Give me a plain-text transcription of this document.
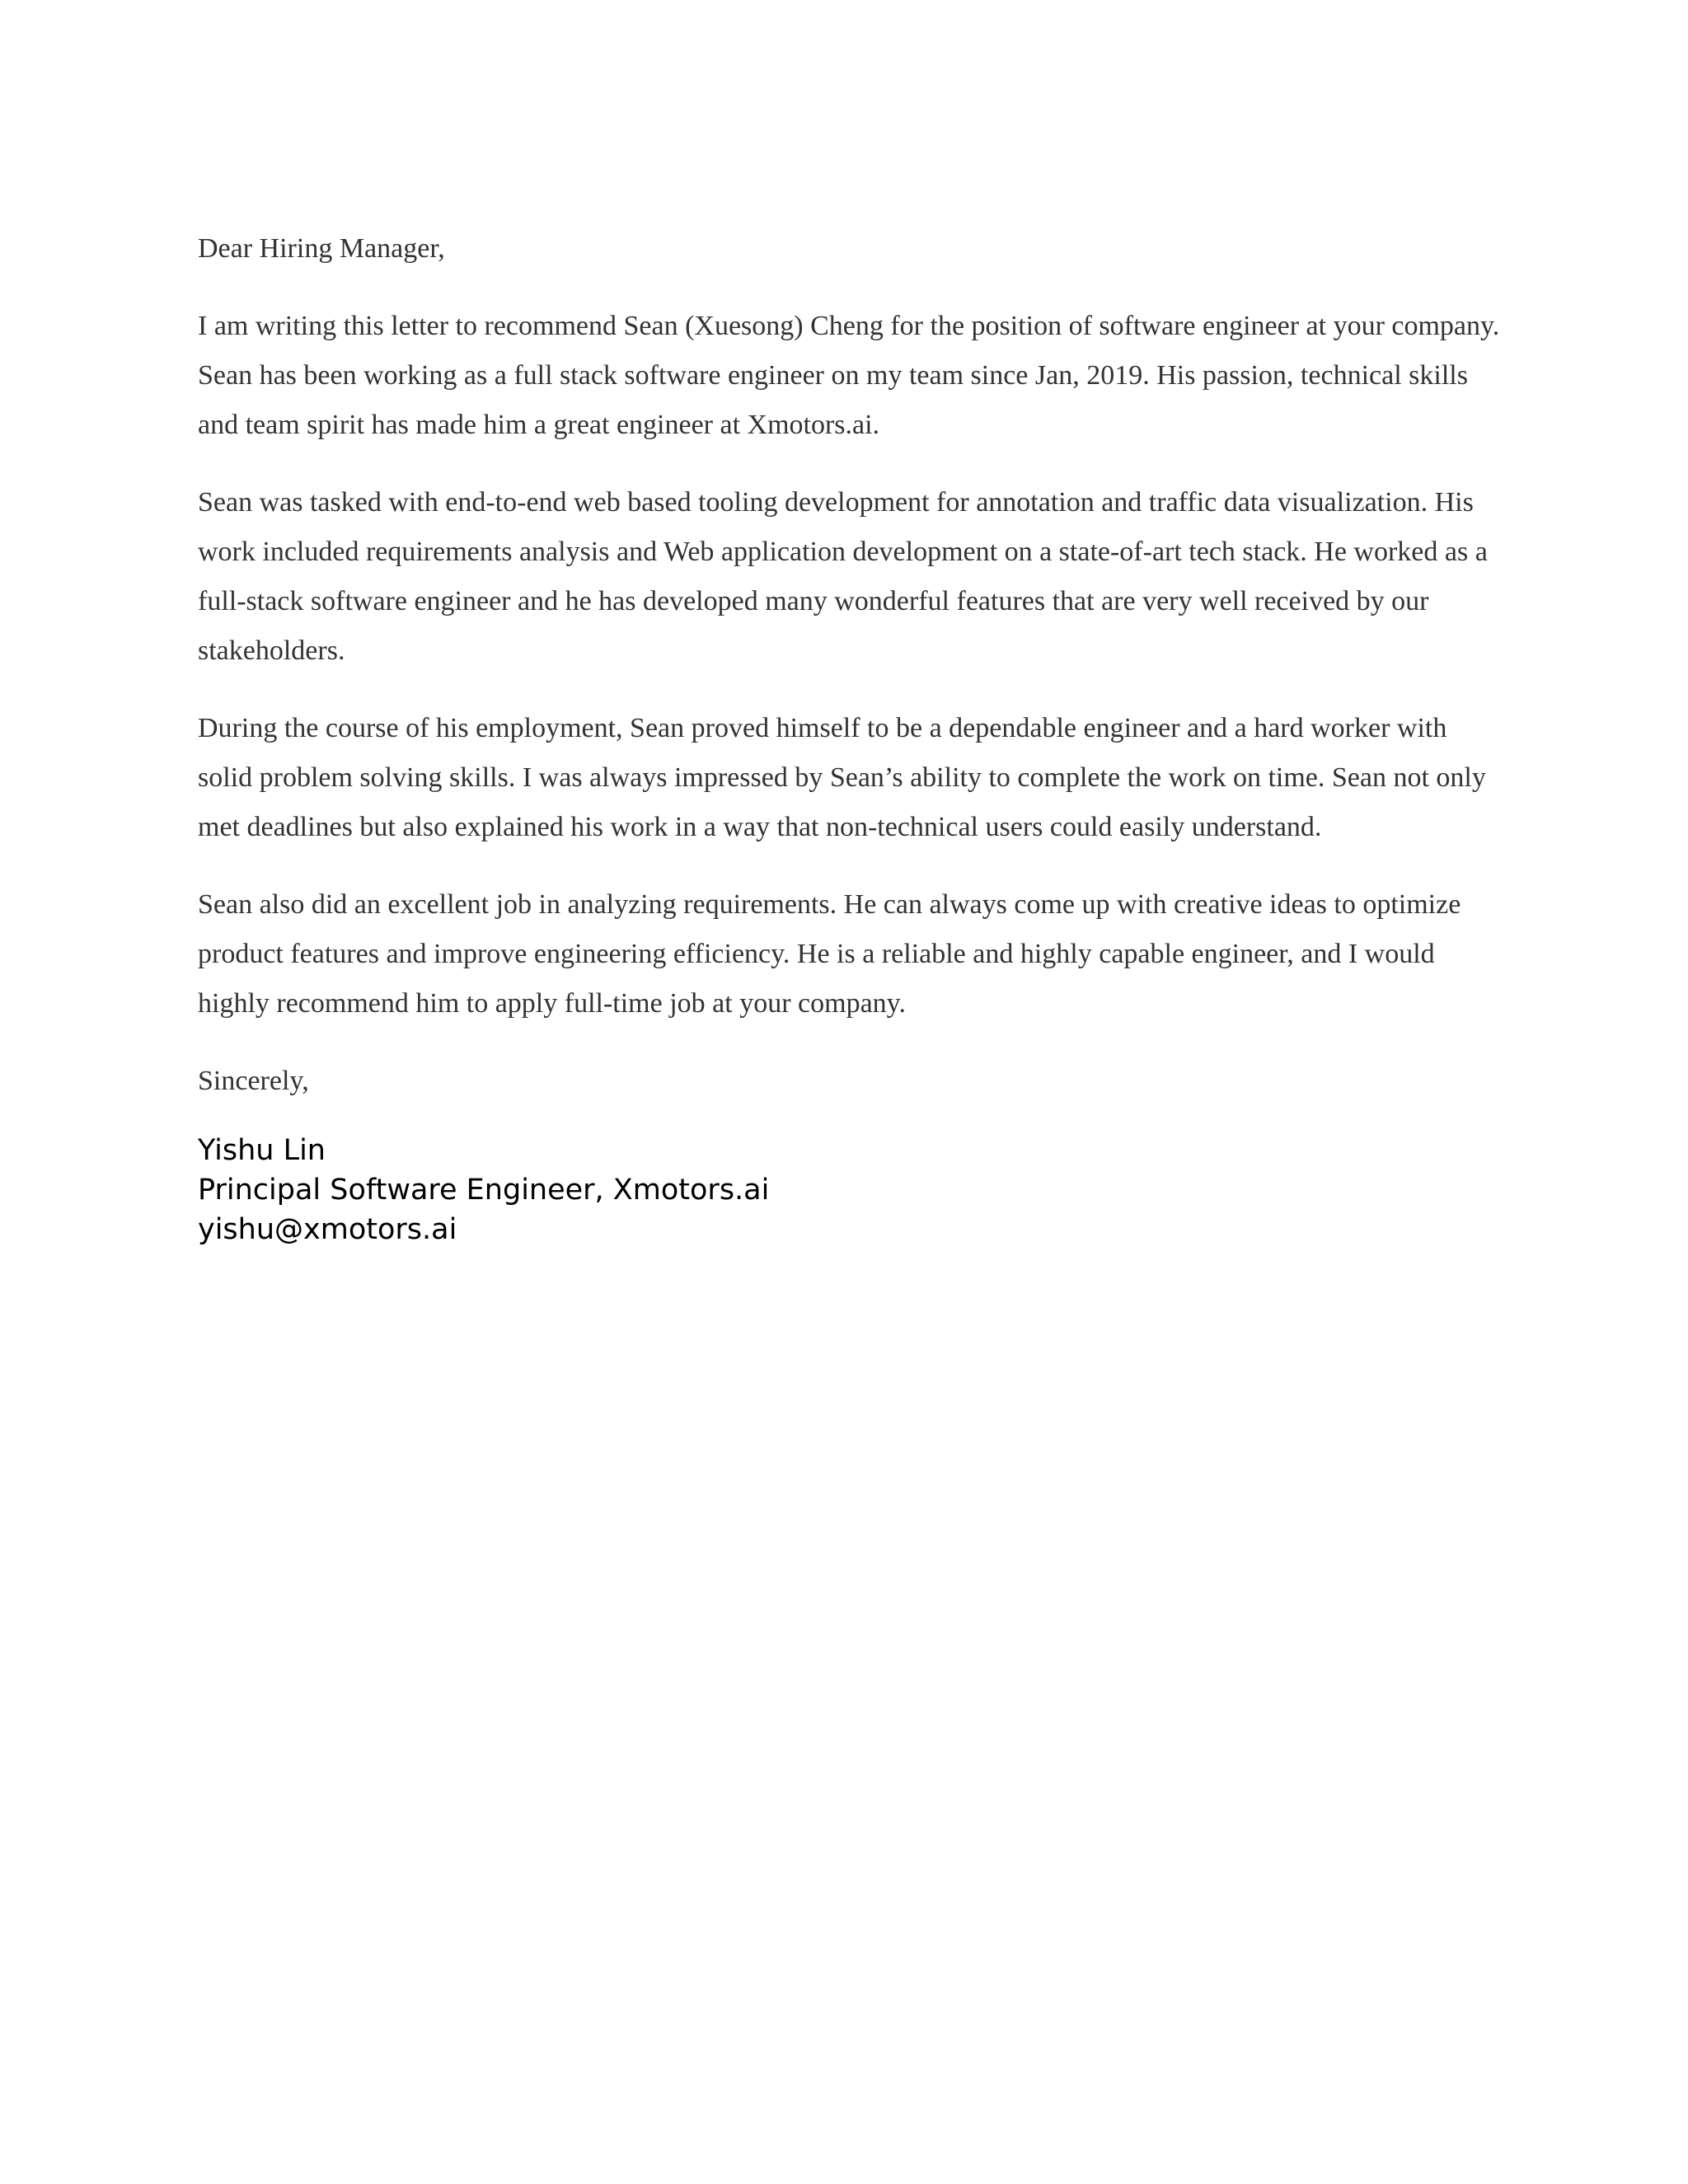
Dear Hiring Manager,

I am writing this letter to recommend Sean (Xuesong) Cheng for the position of software engineer at your company. Sean has been working as a full stack software engineer on my team since Jan, 2019. His passion, technical skills and team spirit has made him a great engineer at Xmotors.ai.

Sean was tasked with end-to-end web based tooling development for annotation and traffic data visualization. His work included requirements analysis and Web application development on a state-of-art tech stack. He worked as a full-stack software engineer and he has developed many wonderful features that are very well received by our stakeholders.

During the course of his employment, Sean proved himself to be a dependable engineer and a hard worker with solid problem solving skills. I was always impressed by Sean’s ability to complete the work on time. Sean not only met deadlines but also explained his work in a way that non-technical users could easily understand.

Sean also did an excellent job in analyzing requirements. He can always come up with creative ideas to optimize product features and improve engineering efficiency. He is a reliable and highly capable engineer, and I would highly recommend him to apply full-time job at your company.

Sincerely,

Yishu Lin
Principal Software Engineer, Xmotors.ai
yishu@xmotors.ai
